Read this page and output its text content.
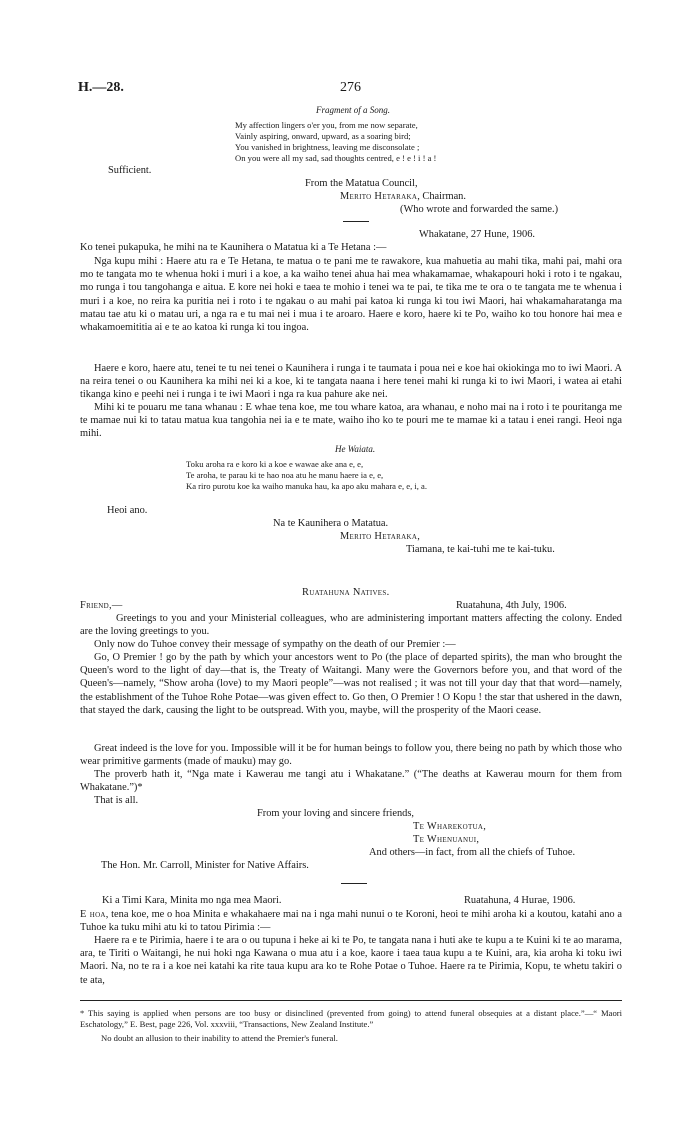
H.—28.	276
Fragment of a Song.
My affection lingers o'er you, from me now separate,
Vainly aspiring, onward, upward, as a soaring bird;
You vanished in brightness, leaving me disconsolate ;
On you were all my sad, sad thoughts centred, e ! e ! i ! a !
Sufficient.
From the Matatua Council,
Merito Hetaraka, Chairman.
(Who wrote and forwarded the same.)
Whakatane, 27 Hune, 1906.
Ko tenei pukapuka, he mihi na te Kaunihera o Matatua ki a Te Hetana :—
Nga kupu mihi : Haere atu ra e Te Hetana, te matua o te pani me te rawakore, kua mahuetia au mahi tika, mahi pai, mahi ora mo te tangata mo te whenua hoki i muri i a koe, a ka waiho tenei ahua hai mea whakamamae, whakapouri hoki i roto i te ngakau, mo runga i tou tangohanga e aitua. E kore nei hoki e taea te mohio i tenei wa te pai, te tika me te ora o te tangata me te whenua i muri i a koe, no reira ka puritia nei i roto i te ngakau o au mahi pai katoa ki runga ki tou iwi Maori, hai whakamaharatanga ma matau tae atu ki o matau uri, a nga ra e tu mai nei i mua i te aroaro. Haere e koro, haere ki te Po, waiho ko tou honore hai mea e whakamoemititia ai e te ao katoa ki runga ki tou ingoa.
Haere e koro, haere atu, tenei te tu nei tenei o Kaunihera i runga i te taumata i poua nei e koe hai okiokinga mo to iwi Maori. A na reira tenei o ou Kaunihera ka mihi nei ki a koe, ki te tangata naana i here tenei mahi ki runga ki to iwi Maori, i watea ai etahi tikanga kino e peehi nei i runga i te iwi Maori i nga ra kua pahure ake nei.
Mihi ki te pouaru me tana whanau : E whae tena koe, me tou whare katoa, ara whanau, e noho mai na i roto i te pouritanga me te mamae nui ki to tatau matua kua tangohia nei ia e te mate, waiho iho ko te pouri me te mamae ki a tatau i enei rangi. Heoi nga mihi.
He Waiata.
Toku aroha ra e koro ki a koe e wawae ake ana e, e,
Te aroha, te parau ki te hao noa atu he manu haere ia e, e,
Ka riro purotu koe ka waiho manuka hau, ka apo aku mahara e, e, i, a.
Heoi ano.
Na te Kaunihera o Matatua.
Merito Hetaraka,
Tiamana, te kai-tuhi me te kai-tuku.
Ruatahuna Natives.
Friend,—	Ruatahuna, 4th July, 1906.
Greetings to you and your Ministerial colleagues, who are administering important matters affecting the colony. Ended are the loving greetings to you.
Only now do Tuhoe convey their message of sympathy on the death of our Premier :—
Go, O Premier ! go by the path by which your ancestors went to Po (the place of departed spirits), the man who brought the Queen's word to the light of day—that is, the Treaty of Waitangi. Many were the Governors before you, and that word of the Queen's—namely, “Show aroha (love) to my Maori people”—was not realised ; it was not till your day that that word—namely, the establishment of the Tuhoe Rohe Potae—was given effect to. Go then, O Premier ! O Kopu ! the star that ushered in the dawn, that stayed the dark, causing the light to be outspread. With you, maybe, will the prosperity of the Maori cease.
Great indeed is the love for you. Impossible will it be for human beings to follow you, there being no path by which those who wear primitive garments (made of mauku) may go.
The proverb hath it, “Nga mate i Kawerau me tangi atu i Whakatane.” (“The deaths at Kawerau mourn for them from Whakatane.”)*
That is all.
From your loving and sincere friends,
Te Wharekotua,
Te Whenuanui,
And others—in fact, from all the chiefs of Tuhoe.
The Hon. Mr. Carroll, Minister for Native Affairs.
Ki a Timi Kara, Minita mo nga mea Maori.	Ruatahuna, 4 Hurae, 1906.
E hoa, tena koe, me o hoa Minita e whakahaere mai na i nga mahi nunui o te Koroni, heoi te mihi aroha ki a koutou, katahi ano a Tuhoe ka tuku mihi atu ki to tatou Pirimia :—
Haere ra e te Pirimia, haere i te ara o ou tupuna i heke ai ki te Po, te tangata nana i huti ake te kupu a te Kuini ki te ao marama, ara, te Tiriti o Waitangi, he nui hoki nga Kawana o mua atu i a koe, kaore i taea taua kupu a te Kuini, ara, kia aroha ki toku iwi Maori. Na, no te ra i a koe nei katahi ka rite taua kupu ara ko te Rohe Potae o Tuhoe. Haere ra te Pirimia, Kopu, te whetu takiri o te ata,
* This saying is applied when persons are too busy or disinclined (prevented from going) to attend funeral obsequies at a distant place.”—“ Maori Eschatology,” E. Best, page 226, Vol. xxxviii, “Transactions, New Zealand Institute.”
No doubt an allusion to their inability to attend the Premier's funeral.
